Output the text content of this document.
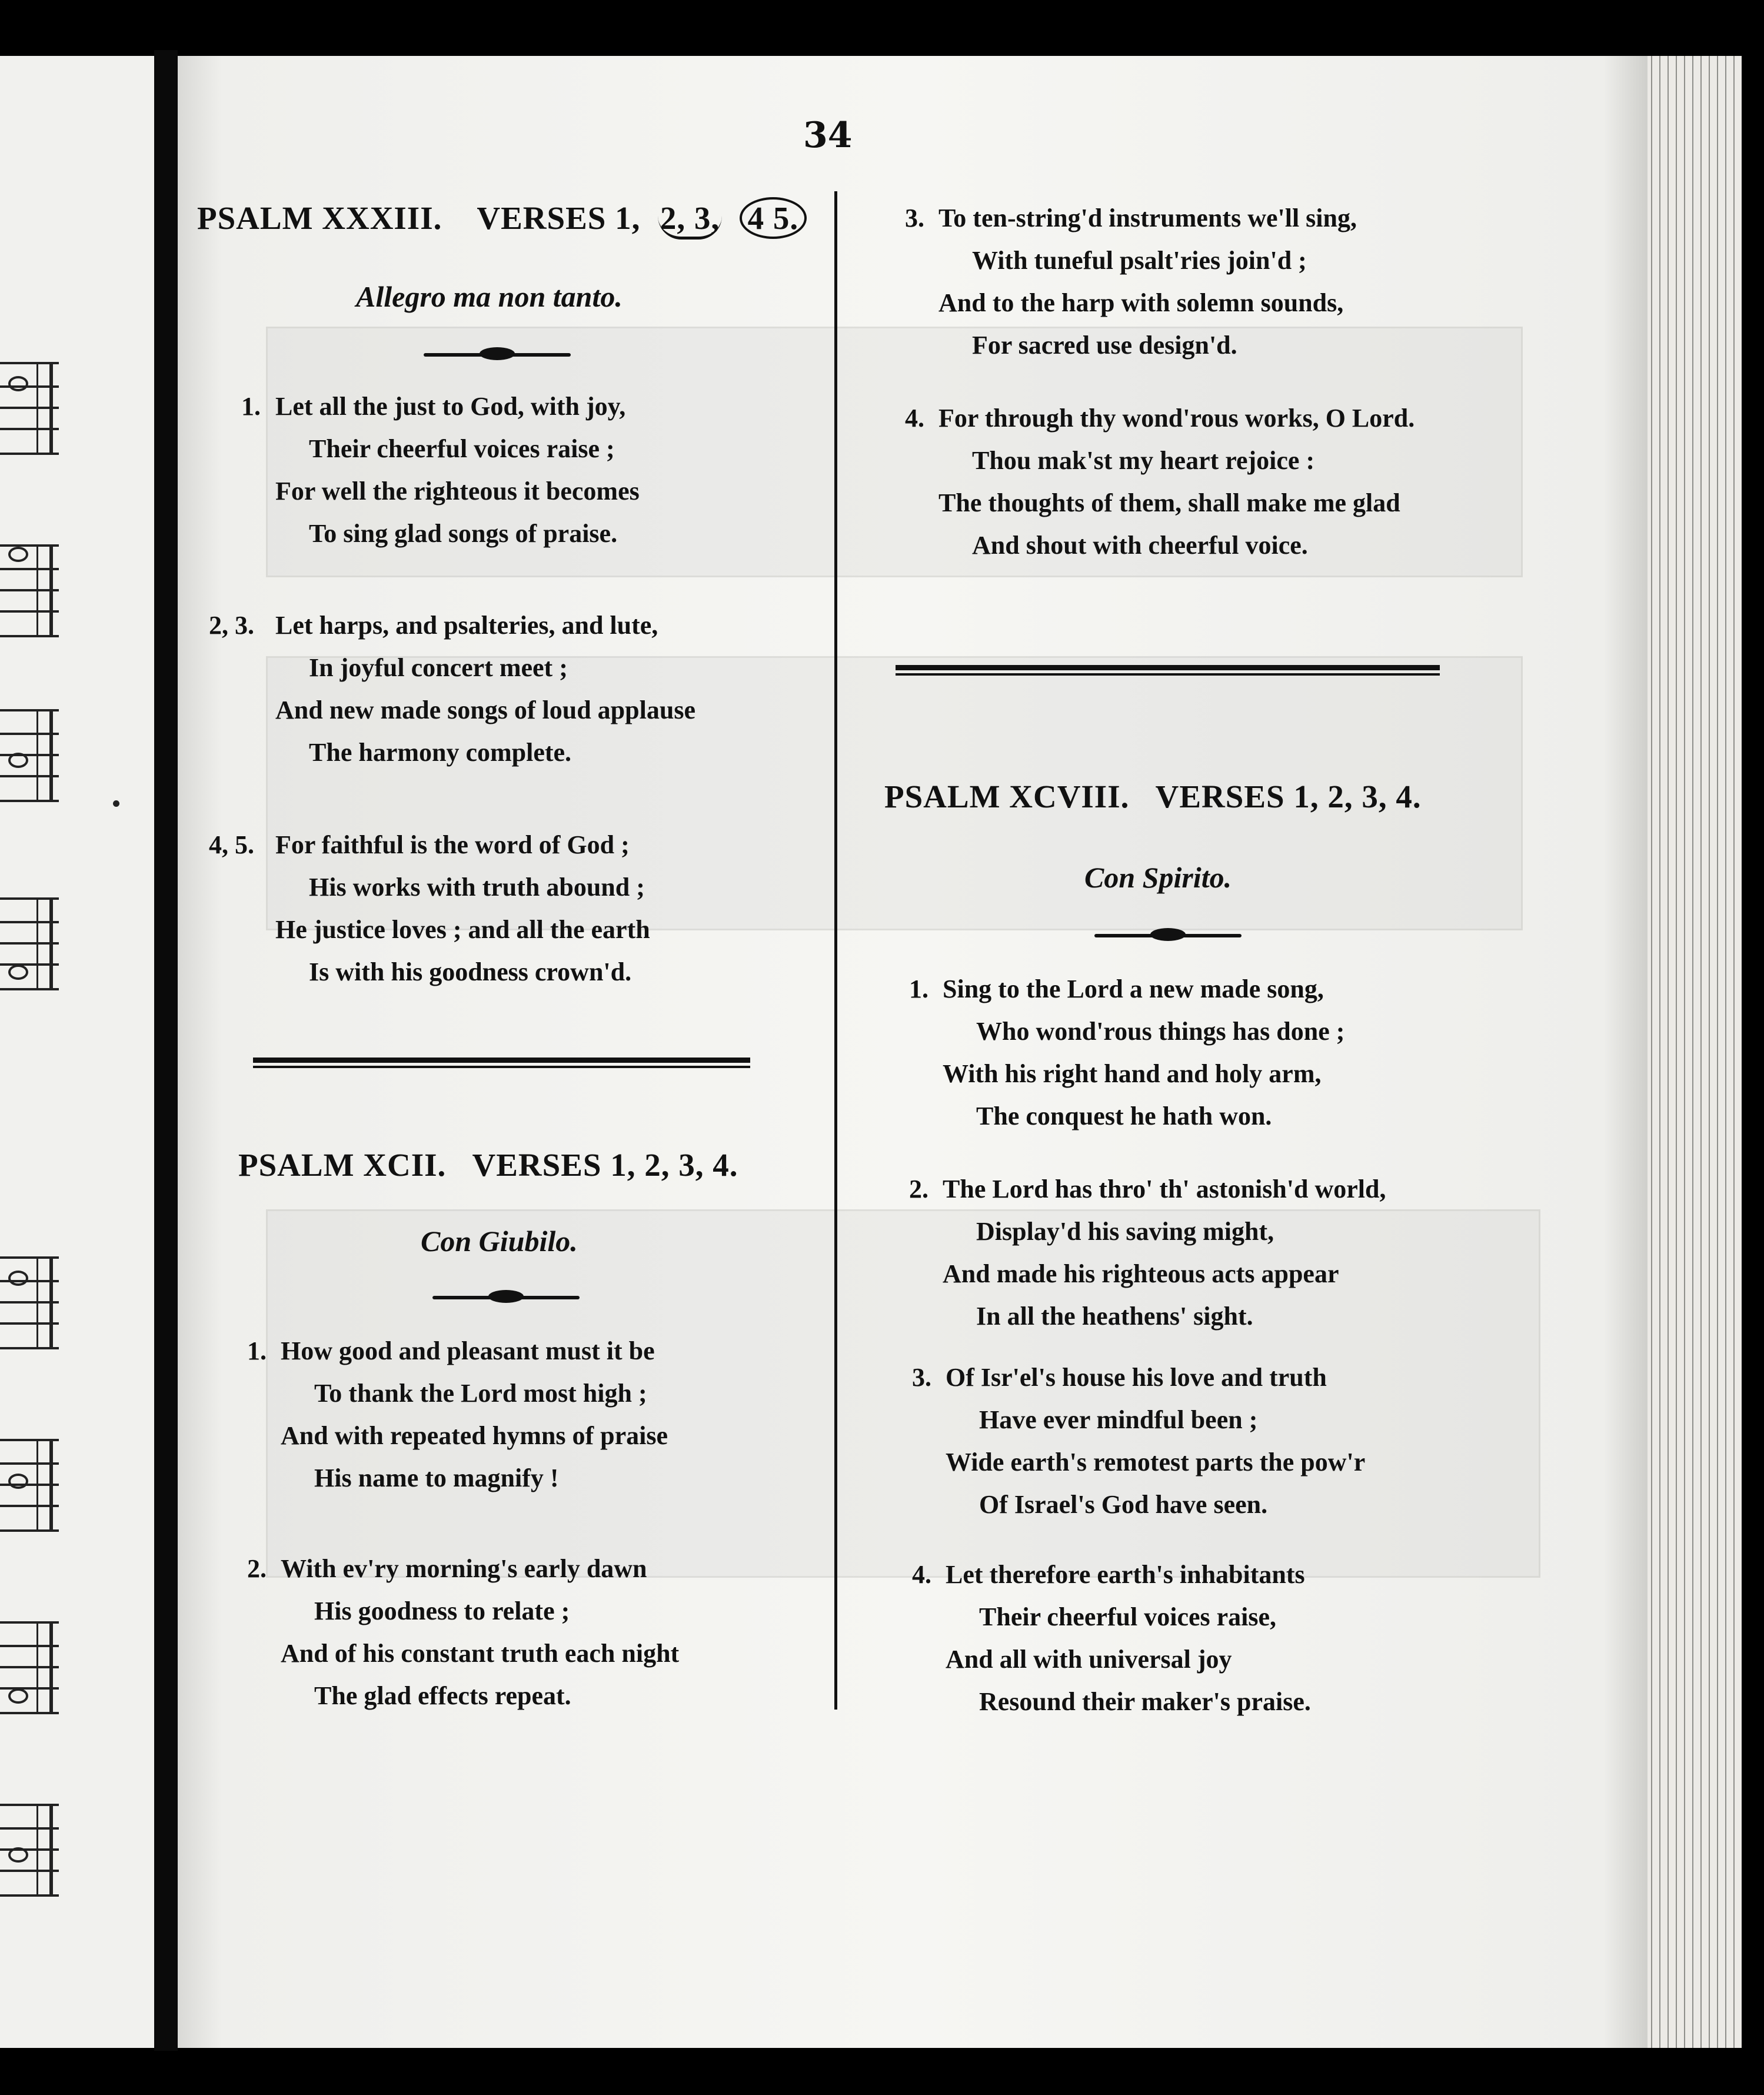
34
PSALM XXXIII. VERSES 1, 2, 3, 4 5.
Allegro ma non tanto.
1. Let all the just to God, with joy,
Their cheerful voices raise ;
For well the righteous it becomes
To sing glad songs of praise.
2, 3. Let harps, and psalteries, and lute,
In joyful concert meet ;
And new made songs of loud applause
The harmony complete.
4, 5. For faithful is the word of God ;
His works with truth abound ;
He justice loves ; and all the earth
Is with his goodness crown'd.
PSALM XCII. VERSES 1, 2, 3, 4.
Con Giubilo.
1. How good and pleasant must it be
To thank the Lord most high ;
And with repeated hymns of praise
His name to magnify !
2. With ev'ry morning's early dawn
His goodness to relate ;
And of his constant truth each night
The glad effects repeat.
3. To ten-string'd instruments we'll sing,
With tuneful psalt'ries join'd ;
And to the harp with solemn sounds,
For sacred use design'd.
4. For through thy wond'rous works, O Lord.
Thou mak'st my heart rejoice :
The thoughts of them, shall make me glad
And shout with cheerful voice.
PSALM XCVIII. VERSES 1, 2, 3, 4.
Con Spirito.
1. Sing to the Lord a new made song,
Who wond'rous things has done ;
With his right hand and holy arm,
The conquest he hath won.
2. The Lord has thro' th' astonish'd world,
Display'd his saving might,
And made his righteous acts appear
In all the heathens' sight.
3. Of Isr'el's house his love and truth
Have ever mindful been ;
Wide earth's remotest parts the pow'r
Of Israel's God have seen.
4. Let therefore earth's inhabitants
Their cheerful voices raise,
And all with universal joy
Resound their maker's praise.
